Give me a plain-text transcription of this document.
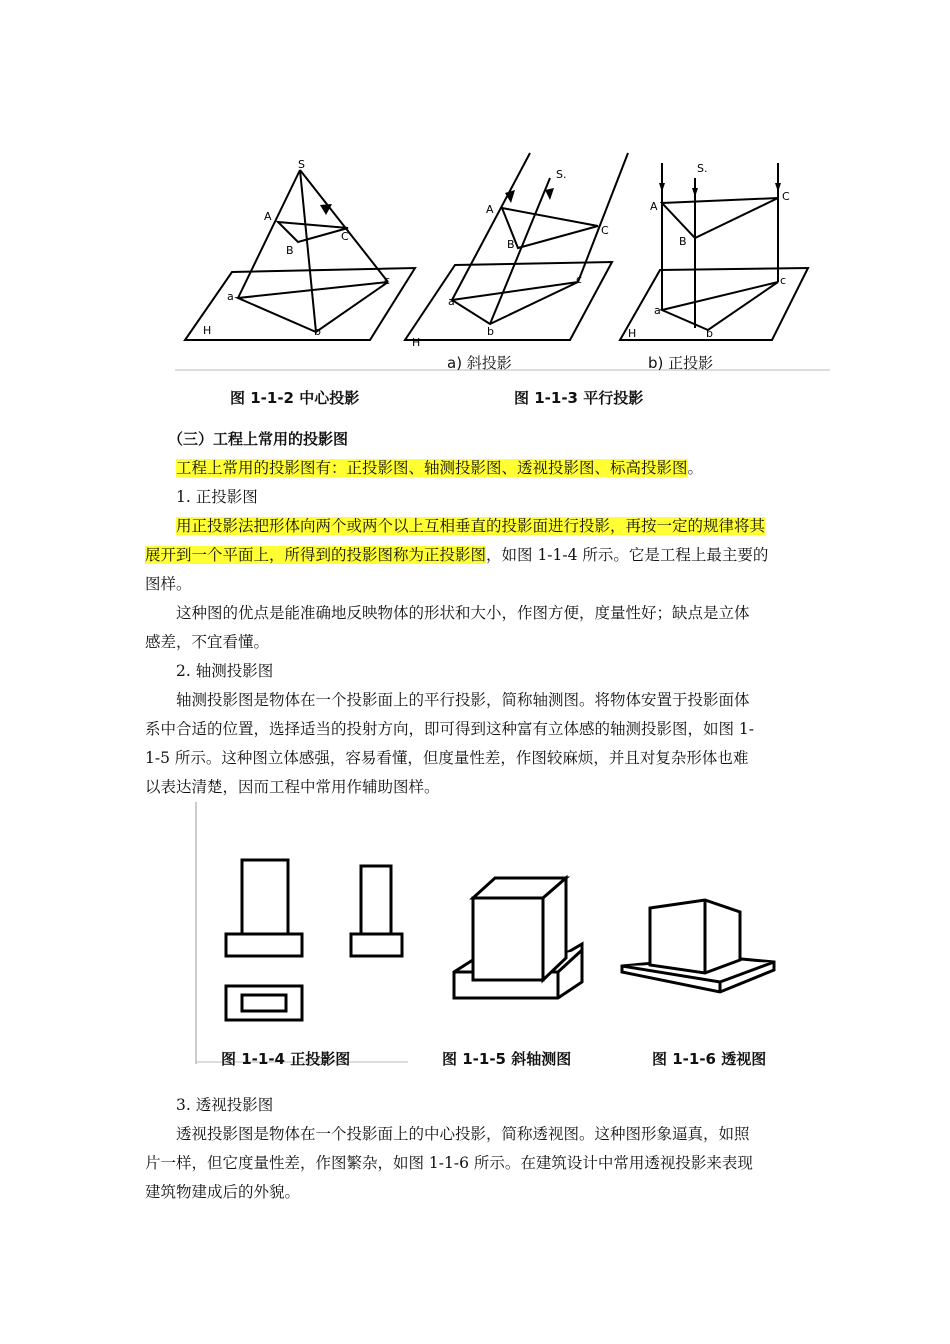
S
A
B
C
a
b
c
H
A
B
C
S.
a
b
c
H
A
B
C
S.
a
b
c
H
a) 斜投影	b) 正投影
图 1-1-2 中心投影	图 1-1-3 平行投影
（三）工程上常用的投影图
工程上常用的投影图有：正投影图、轴测投影图、透视投影图、标高投影图。
1. 正投影图
用正投影法把形体向两个或两个以上互相垂直的投影面进行投影，再按一定的规律将其
展开到一个平面上，所得到的投影图称为正投影图，如图 1-1-4 所示。它是工程上最主要的
图样。
这种图的优点是能准确地反映物体的形状和大小，作图方便，度量性好；缺点是立体
感差，不宜看懂。
2. 轴测投影图
轴测投影图是物体在一个投影面上的平行投影，简称轴测图。将物体安置于投影面体
系中合适的位置，选择适当的投射方向，即可得到这种富有立体感的轴测投影图，如图 1-
1-5 所示。这种图立体感强，容易看懂，但度量性差，作图较麻烦，并且对复杂形体也难
以表达清楚，因而工程中常用作辅助图样。
图 1-1-4 正投影图	图 1-1-5 斜轴测图	图 1-1-6 透视图
3. 透视投影图
透视投影图是物体在一个投影面上的中心投影，简称透视图。这种图形象逼真，如照
片一样，但它度量性差，作图繁杂，如图 1-1-6 所示。在建筑设计中常用透视投影来表现
建筑物建成后的外貌。
